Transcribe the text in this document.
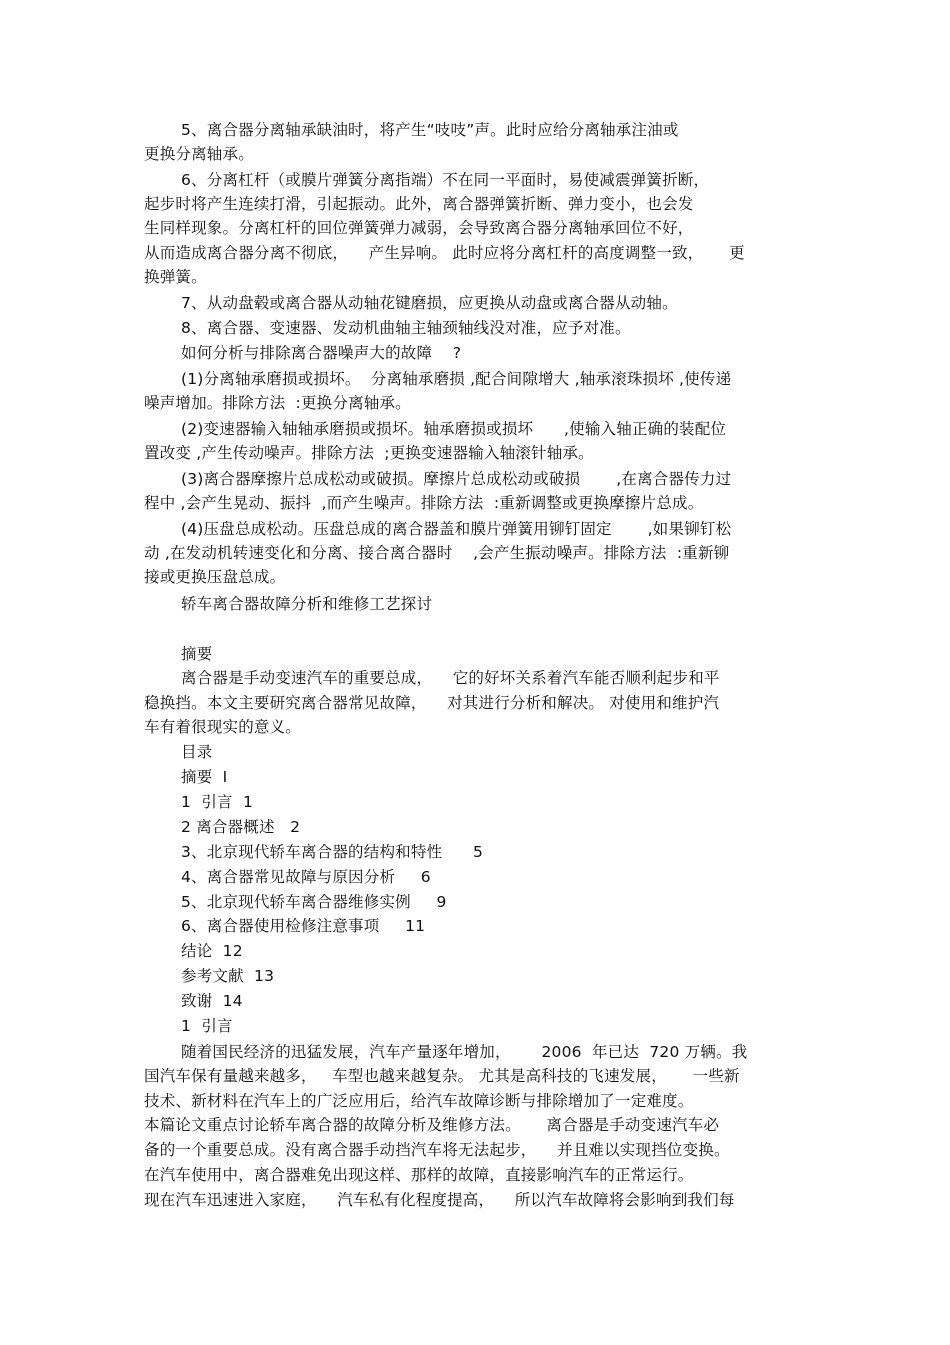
5、离合器分离轴承缺油时，将产生“吱吱”声。此时应给分离轴承注油或
更换分离轴承。
6、分离杠杆（或膜片弹簧分离指端）不在同一平面时，易使减震弹簧折断，
起步时将产生连续打滑，引起振动。此外，离合器弹簧折断、弹力变小，也会发
生同样现象。分离杠杆的回位弹簧弹力减弱，会导致离合器分离轴承回位不好，
从而造成离合器分离不彻底，    产生异响。 此时应将分离杠杆的高度调整一致，     更
换弹簧。
7、从动盘毂或离合器从动轴花键磨损，应更换从动盘或离合器从动轴。
8、离合器、变速器、发动机曲轴主轴颈轴线没对准，应予对准。
如何分析与排除离合器噪声大的故障    ?
(1)分离轴承磨损或损坏。  分离轴承磨损 ,配合间隙增大 ,轴承滚珠损坏 ,使传递
噪声增加。排除方法  :更换分离轴承。
(2)变速器输入轴轴承磨损或损坏。轴承磨损或损坏      ,使输入轴正确的装配位
置改变 ,产生传动噪声。排除方法  ;更换变速器输入轴滚针轴承。
(3)离合器摩擦片总成松动或破损。摩擦片总成松动或破损       ,在离合器传力过
程中 ,会产生晃动、振抖  ,而产生噪声。排除方法  :重新调整或更换摩擦片总成。
(4)压盘总成松动。压盘总成的离合器盖和膜片弹簧用铆钉固定       ,如果铆钉松
动 ,在发动机转速变化和分离、接合离合器时    ,会产生振动噪声。排除方法  :重新铆
接或更换压盘总成。
轿车离合器故障分析和维修工艺探讨
摘要
离合器是手动变速汽车的重要总成，    它的好坏关系着汽车能否顺利起步和平
稳换挡。本文主要研究离合器常见故障，    对其进行分析和解决。 对使用和维护汽
车有着很现实的意义。
目录
摘要  I
1  引言  1
2 离合器概述   2
3、北京现代轿车离合器的结构和特性      5
4、离合器常见故障与原因分析     6
5、北京现代轿车离合器维修实例     9
6、离合器使用检修注意事项     11
结论  12
参考文献  13
致谢  14
1  引言
随着国民经济的迅猛发展，汽车产量逐年增加，      2006  年已达  720 万辆。我
国汽车保有量越来越多，   车型也越来越复杂。 尤其是高科技的飞速发展，     一些新
技术、新材料在汽车上的广泛应用后，给汽车故障诊断与排除增加了一定难度。
本篇论文重点讨论轿车离合器的故障分析及维修方法。     离合器是手动变速汽车必
备的一个重要总成。没有离合器手动挡汽车将无法起步，    并且难以实现挡位变换。
在汽车使用中，离合器难免出现这样、那样的故障，直接影响汽车的正常运行。
现在汽车迅速进入家庭，    汽车私有化程度提高，    所以汽车故障将会影响到我们每
